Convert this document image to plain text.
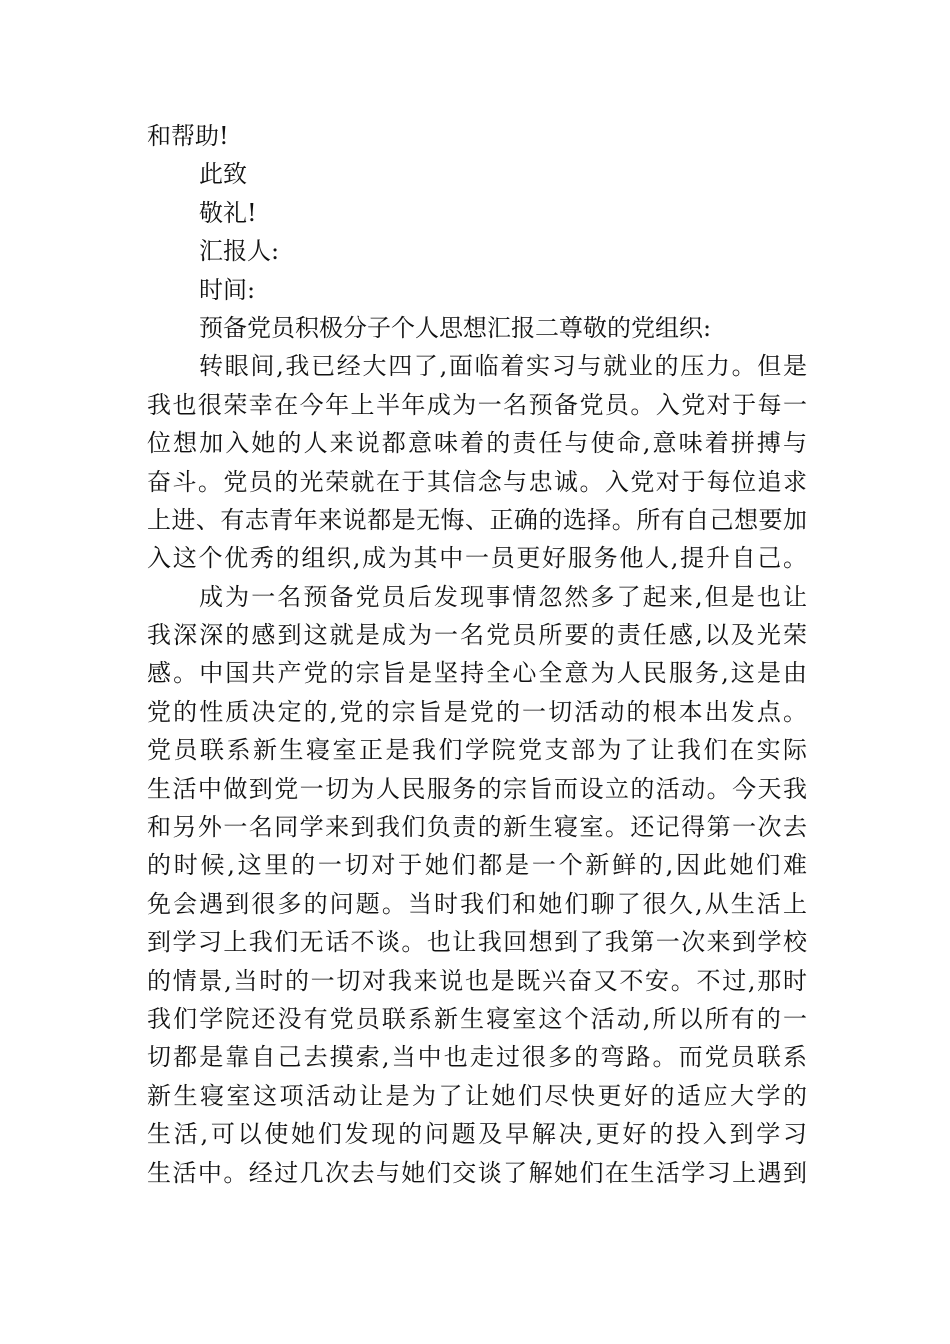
和帮助!
此致
敬礼!
汇报人:
时间:
预备党员积极分子个人思想汇报二尊敬的党组织:
转眼间,我已经大四了,面临着实习与就业的压力。但是
我也很荣幸在今年上半年成为一名预备党员。入党对于每一
位想加入她的人来说都意味着的责任与使命,意味着拼搏与
奋斗。党员的光荣就在于其信念与忠诚。入党对于每位追求
上进、有志青年来说都是无悔、正确的选择。所有自己想要加
入这个优秀的组织,成为其中一员更好服务他人,提升自己。
成为一名预备党员后发现事情忽然多了起来,但是也让
我深深的感到这就是成为一名党员所要的责任感,以及光荣
感。中国共产党的宗旨是坚持全心全意为人民服务,这是由
党的性质决定的,党的宗旨是党的一切活动的根本出发点。
党员联系新生寝室正是我们学院党支部为了让我们在实际
生活中做到党一切为人民服务的宗旨而设立的活动。今天我
和另外一名同学来到我们负责的新生寝室。还记得第一次去
的时候,这里的一切对于她们都是一个新鲜的,因此她们难
免会遇到很多的问题。当时我们和她们聊了很久,从生活上
到学习上我们无话不谈。也让我回想到了我第一次来到学校
的情景,当时的一切对我来说也是既兴奋又不安。不过,那时
我们学院还没有党员联系新生寝室这个活动,所以所有的一
切都是靠自己去摸索,当中也走过很多的弯路。而党员联系
新生寝室这项活动让是为了让她们尽快更好的适应大学的
生活,可以使她们发现的问题及早解决,更好的投入到学习
生活中。经过几次去与她们交谈了解她们在生活学习上遇到
